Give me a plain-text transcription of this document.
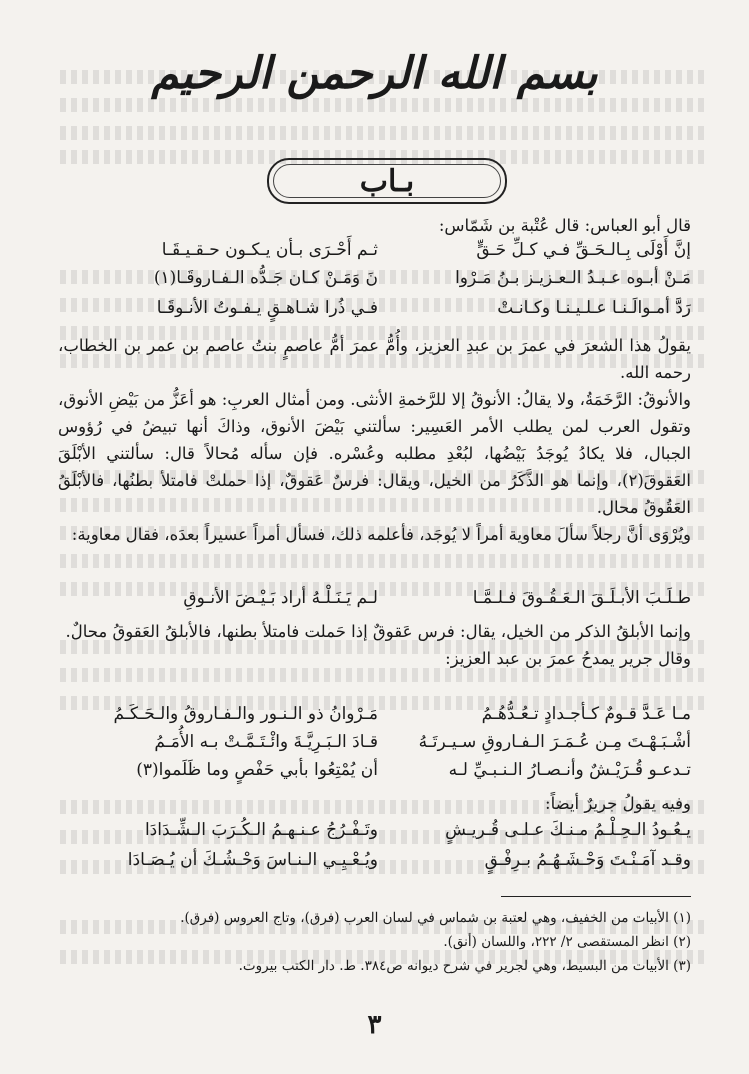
بسم الله الرحمن الرحيم
بـاب

قال أبو العباس: قال عُتْبة بن شَمّاس:

إنَّ أَوْلَى بِـالـحَـقِّ فـي كـلِّ حَـقٍّ
ثـم أَحْـرَى بـأن يـكـون حـقـيـقَـا
مَـنْ أبـوه عـبـدُ الـعـزيـز بـنُ مَـرْوا
نَ وَمَـنْ كـان جَـدُّه الـفـاروقَـا(١)
رَدَّ أمـوالَـنـا عـلـيـنـا وكـانـتْ
فـي ذُرا شـاهـقٍ يـفـوتُ الأنـوقَـا

يقولُ هذا الشعرَ في عمرَ بن عبدِ العزيز، وأُمُّ عمرَ أمُّ عاصمٍ بنتُ عاصم بن عمر بن الخطاب، رحمه الله.

والأنوقُ: الرَّخَمَةُ، ولا يقالُ: الأنوقُ إلا للرَّخمةِ الأنثى. ومن أمثال العربِ: هو أعَزُّ من بَيْضِ الأنوق، وتقول العرب لمن يطلب الأمر العَسِير: سألتني بَيْضَ الأنوق، وذاكَ أنها تبيضُ في رُؤوس الجبال، فلا يكادُ يُوجَدُ بَيْضُها، لبُعْدِ مطلبه وعُسْره. فإن سأله مُحالاً قال: سألتني الأبْلَقَ العَقوقَ(٢)، وإنما هو الذَّكَرُ من الخيل، ويقال: فرسٌ عَقوقٌ، إذا حملتْ فامتلأ بطنُها، فالأبْلَقُ العَقُوقُ محال.

ويُرْوَى أنَّ رجلاً سألَ معاوية أمراً لا يُوجَد، فأعلمه ذلك، فسأل أمراً عسيراً بعدَه، فقال معاوية:

طـلَـبَ الأبـلَـقَ الـعَـقُـوقَ فـلـمَّـا
لـم يَـنَـلْـهُ أراد بَـيْـضَ الأنـوقِ

وإنما الأبلقُ الذكر من الخيل، يقال: فرس عَقوقٌ إذا حَملت فامتلأ بطنها، فالأبلقُ العَقوقُ محالٌ.

وقال جرير يمدحُ عمرَ بن عبد العزيز:

مـا عَـدَّ قـومٌ كـأجـدادٍ تـعُـدُّهُـمُ
مَـرْوانُ ذو الـنـور والـفـاروقُ والـحَـكَـمُ
أشْـبَـهْـتَ مِـن عُـمَـرَ الـفـاروقِ سـيـرتَـهُ
قـادَ الـبَـرِيَّـةَ وائْـتَـمَّـتْ بـه الأُمَـمُ
تـدعـو قُـرَيْـشٌ وأنـصـارُ الـنـبـيِّ لـه
أن يُمْتِعُوا بأبي حَفْصٍ وما ظَلَموا(٣)

وفيه يقولُ جريرٌ أيضاً:

يـعُـودُ الـحِـلْـمُ مـنـكَ عـلـى قُـريـشٍ
وتَـفْـرُجُ عـنـهـمُ الـكُـرَبَ الـشِّـدَادَا
وقـد آمَـنْـتَ وَحْـشَـهُـمُ بـرِفْـقٍ
ويُـعْـيِـي الـنـاسَ وَحْـشُـكَ أن يُـصَـادَا

(١) الأبيات من الخفيف، وهي لعتبة بن شماس في لسان العرب (فرق)، وتاج العروس (فرق).

(٢) انظر المستقصى ٢/ ٢٢٢، واللسان (أنق).

(٣) الأبيات من البسيط، وهي لجرير في شرح ديوانه ص٣٨٤. ط. دار الكتب بيروت.

٣
